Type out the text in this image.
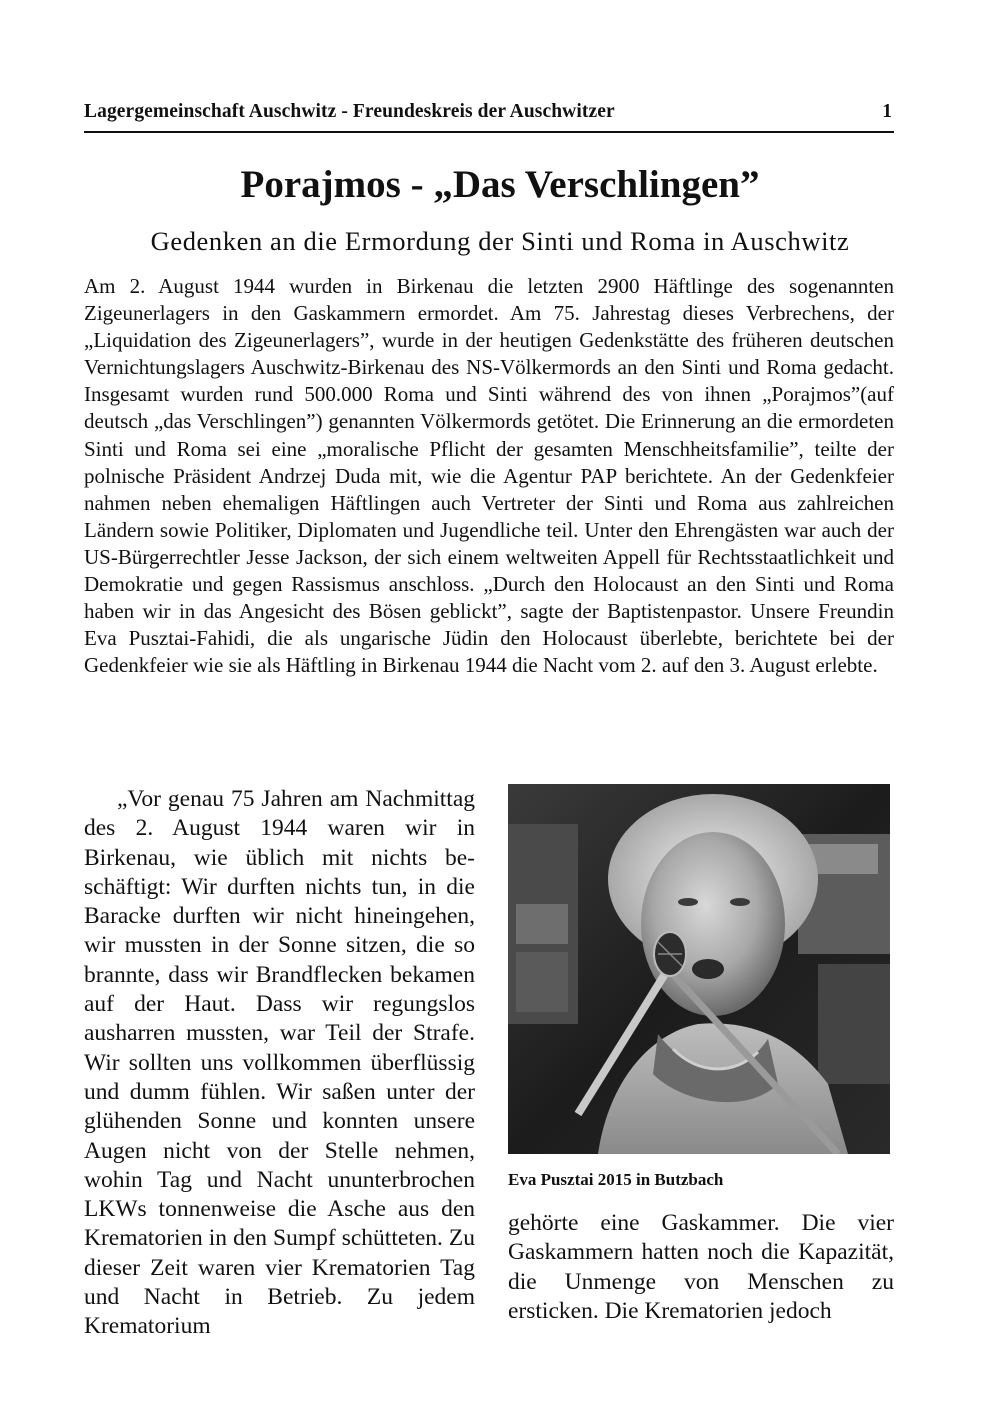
Lagergemeinschaft Auschwitz - Freundeskreis der Auschwitzer	1
Porajmos - „Das Verschlingen”
Gedenken an die Ermordung der Sinti und Roma in Auschwitz

Am 2. August 1944 wurden in Birkenau die letzten 2900 Häftlinge des sogenannten Zigeunerlagers in den Gaskammern ermordet. Am 75. Jahrestag dieses Verbrechens, der „Liquidation des Zigeunerlagers”, wurde in der heutigen Gedenkstätte des früheren deutschen Vernichtungslagers Auschwitz-Birkenau des NS-Völkermords an den Sinti und Roma gedacht. Insgesamt wurden rund 500.000 Roma und Sinti während des von ihnen „Porajmos”(auf deutsch „das Verschlingen”) genannten Völkermords getötet. Die Erinnerung an die ermordeten Sinti und Roma sei eine „moralische Pflicht der gesamten Menschheitsfamilie”, teilte der polnische Präsident Andrzej Duda mit, wie die Agentur PAP berichtete. An der Gedenkfeier nahmen neben ehemaligen Häftlingen auch Vertreter der Sinti und Roma aus zahlreichen Ländern sowie Politiker, Diplomaten und Jugendliche teil. Unter den Ehrengästen war auch der US-Bürgerrechtler Jesse Jackson, der sich einem weltweiten Appell für Rechtsstaatlichkeit und Demokratie und gegen Rassismus anschloss. „Durch den Holocaust an den Sinti und Roma haben wir in das Angesicht des Bösen geblickt”, sagte der Baptistenpastor. Unsere Freundin Eva Pusztai-Fahidi, die als ungarische Jüdin den Holocaust überlebte, berichtete bei der Gedenkfeier wie sie als Häftling in Birkenau 1944 die Nacht vom 2. auf den 3. August erlebte.

„Vor genau 75 Jahren am Nachmittag des 2. August 1944 waren wir in Birkenau, wie üblich mit nichts beschäftigt: Wir durften nichts tun, in die Baracke durften wir nicht hineingehen, wir mussten in der Sonne sitzen, die so brannte, dass wir Brandflecken bekamen auf der Haut. Dass wir regungslos ausharren mussten, war Teil der Strafe. Wir sollten uns vollkommen überflüssig und dumm fühlen. Wir saßen unter der glühenden Sonne und konnten unsere Augen nicht von der Stelle nehmen, wohin Tag und Nacht ununterbrochen LKWs tonnenweise die Asche aus den Krematorien in den Sumpf schütteten. Zu dieser Zeit waren vier Krematorien Tag und Nacht in Betrieb. Zu jedem Krematorium

Eva Pusztai 2015 in Butzbach

gehörte eine Gaskammer. Die vier Gaskammern hatten noch die Kapazität, die Unmenge von Menschen zu ersticken. Die Krematorien jedoch
